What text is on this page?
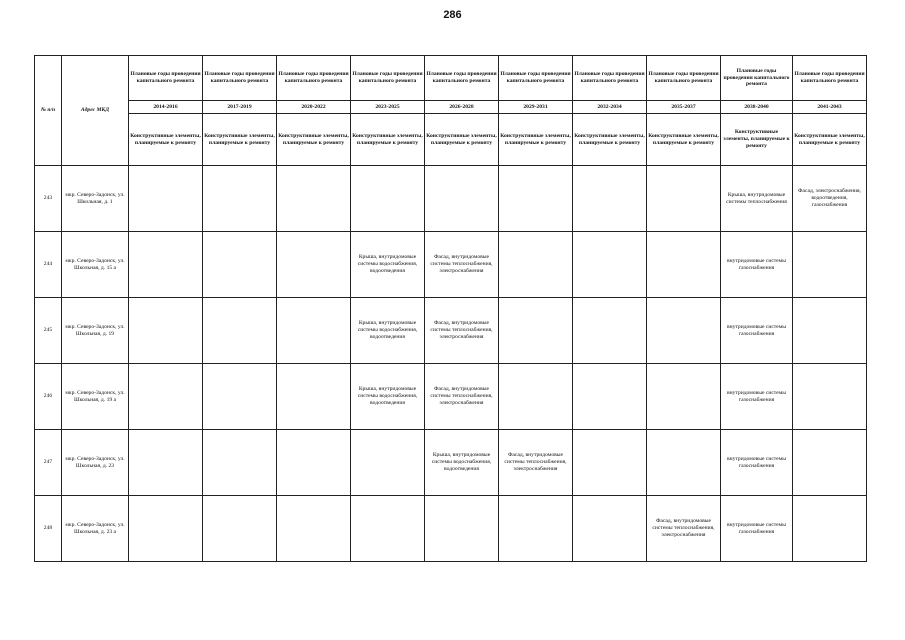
286
№ п/п	Адрес МКД	Плановые годы проведения капитального ремонта	Плановые годы проведения капитального ремонта	Плановые годы проведения капитального ремонта	Плановые годы проведения капитального ремонта	Плановые годы проведения капитального ремонта	Плановые годы проведения капитального ремонта	Плановые годы проведения капитального ремонта	Плановые годы проведения капитального ремонта	Плановые годы проведения капитального ремонта	Плановые годы проведения капитального ремонта
		2014-2016	2017-2019	2020-2022	2023-2025	2026-2028	2029-2031	2032-2034	2035-2037	2038-2040	2041-2043
		Конструктивные элементы, планируемые к ремонту	Конструктивные элементы, планируемые к ремонту	Конструктивные элементы, планируемые к ремонту	Конструктивные элементы, планируемые к ремонту	Конструктивные элементы, планируемые к ремонту	Конструктивные элементы, планируемые к ремонту	Конструктивные элементы, планируемые к ремонту	Конструктивные элементы, планируемые к ремонту	Конструктивные элементы, планируемые к ремонту	Конструктивные элементы, планируемые к ремонту
243	мкр. Северо-Задонск, ул. Школьная, д. 1									Крыша, внутридомовые системы теплоснабжения	Фасад, электроснабжения, водоотведения, газоснабжения
244	мкр. Северо-Задонск, ул. Школьная, д. 15 а				Крыша, внутридомовые системы водоснабжения, водоотведения	Фасад, внутридомовые системы теплоснабжения, электроснабжения				внутридомовые системы газоснабжения	
245	мкр. Северо-Задонск, ул. Школьная, д. 19				Крыша, внутридомовые системы водоснабжения, водоотведения	Фасад, внутридомовые системы теплоснабжения, электроснабжения				внутридомовые системы газоснабжения	
246	мкр. Северо-Задонск, ул. Школьная, д. 19 а				Крыша, внутридомовые системы водоснабжения, водоотведения	Фасад, внутридомовые системы теплоснабжения, электроснабжения				внутридомовые системы газоснабжения	
247	мкр. Северо-Задонск, ул. Школьная, д. 23					Крыша, внутридомовые системы водоснабжения, водоотведения	Фасад, внутридомовые системы теплоснабжения, электроснабжения			внутридомовые системы газоснабжения	
248	мкр. Северо-Задонск, ул. Школьная, д. 23 а								Фасад, внутридомовые системы теплоснабжения, электроснабжения	внутридомовые системы газоснабжения	
